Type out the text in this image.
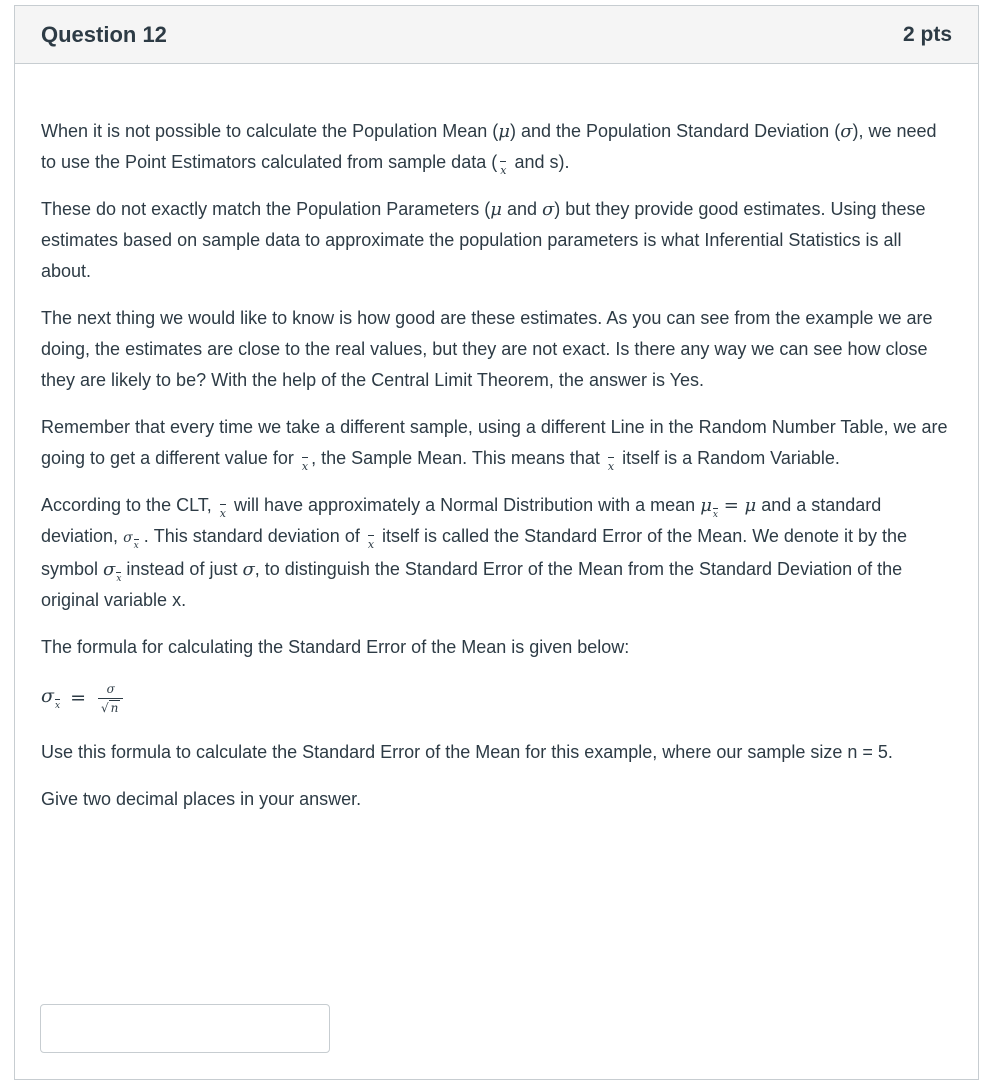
Question 12	2 pts

When it is not possible to calculate the Population Mean (μ) and the Population Standard Deviation (σ), we need to use the Point Estimators calculated from sample data ( x and s).

These do not exactly match the Population Parameters (μ and σ) but they provide good estimates. Using these estimates based on sample data to approximate the population parameters is what Inferential Statistics is all about.

The next thing we would like to know is how good are these estimates. As you can see from the example we are doing, the estimates are close to the real values, but they are not exact. Is there any way we can see how close they are likely to be? With the help of the Central Limit Theorem, the answer is Yes.

Remember that every time we take a different sample, using a different Line in the Random Number Table, we are going to get a different value for x , the Sample Mean. This means that x itself is a Random Variable.

According to the CLT, x will have approximately a Normal Distribution with a mean μx = μ and a standard deviation, σx . This standard deviation of x itself is called the Standard Error of the Mean. We denote it by the symbol σx instead of just σ, to distinguish the Standard Error of the Mean from the Standard Deviation of the original variable x.

The formula for calculating the Standard Error of the Mean is given below:

$\sigma x = \frac{\sigma}{√ n}$

Use this formula to calculate the Standard Error of the Mean for this example, where our sample size n = 5.

Give two decimal places in your answer.
